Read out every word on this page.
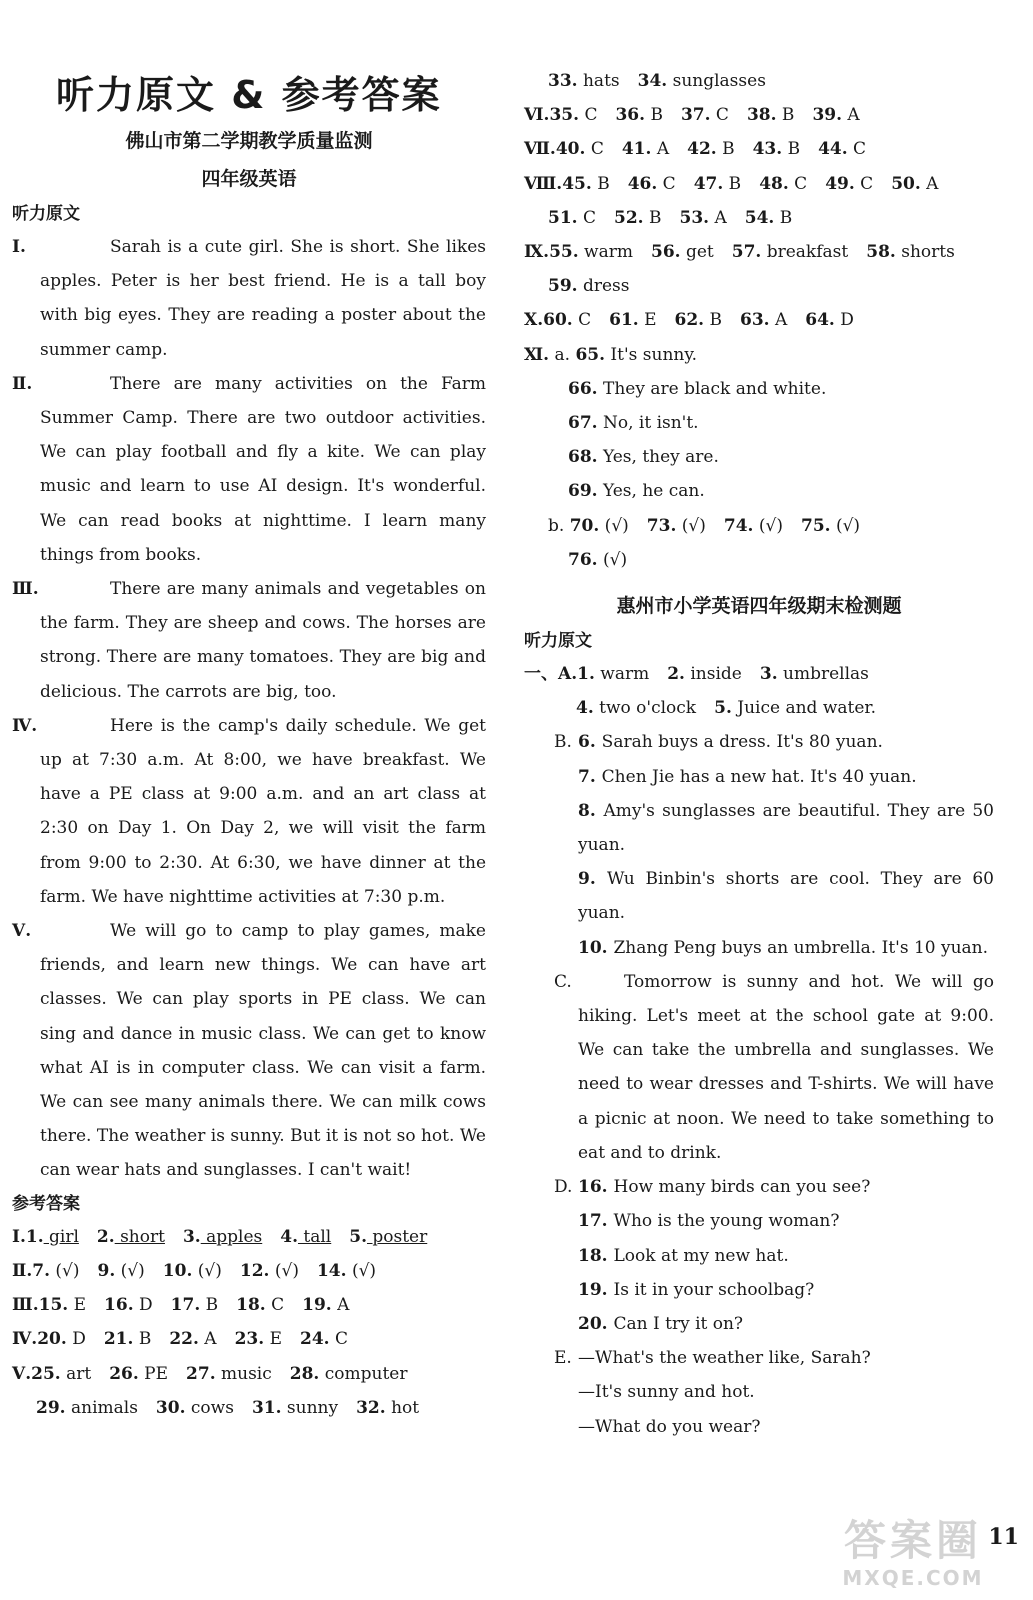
听力原文 & 参考答案
佛山市第二学期教学质量监测
四年级英语
听力原文
Ⅰ.	Sarah is a cute girl. She is short. She likes apples. Peter is her best friend. He is a tall boy with big eyes. They are reading a poster about the summer camp.
Ⅱ.	There are many activities on the Farm Summer Camp. There are two outdoor activities. We can play football and fly a kite. We can play music and learn to use AI design. It's wonderful. We can read books at nighttime. I learn many things from books.
Ⅲ.	There are many animals and vegetables on the farm. They are sheep and cows. The horses are strong. There are many tomatoes. They are big and delicious. The carrots are big, too.
Ⅳ.	Here is the camp's daily schedule. We get up at 7:30 a.m. At 8:00, we have breakfast. We have a PE class at 9:00 a.m. and an art class at 2:30 on Day 1. On Day 2, we will visit the farm from 9:00 to 2:30. At 6:30, we have dinner at the farm. We have nighttime activities at 7:30 p.m.
Ⅴ.	We will go to camp to play games, make friends, and learn new things. We can have art classes. We can play sports in PE class. We can sing and dance in music class. We can get to know what AI is in computer class. We can visit a farm. We can see many animals there. We can milk cows there. The weather is sunny. But it is not so hot. We can wear hats and sunglasses. I can't wait!
参考答案
Ⅰ.1. girl 2. short 3. apples 4. tall 5. poster
Ⅱ.7. (√) 9. (√) 10. (√) 12. (√) 14. (√)
Ⅲ.15. E 16. D 17. B 18. C 19. A
Ⅳ.20. D 21. B 22. A 23. E 24. C
Ⅴ.25. art 26. PE 27. music 28. computer
29. animals 30. cows 31. sunny 32. hot
33. hats 34. sunglasses
Ⅵ.35. C 36. B 37. C 38. B 39. A
Ⅶ.40. C 41. A 42. B 43. B 44. C
Ⅷ.45. B 46. C 47. B 48. C 49. C 50. A
51. C 52. B 53. A 54. B
Ⅸ.55. warm 56. get 57. breakfast 58. shorts
59. dress
Ⅹ.60. C 61. E 62. B 63. A 64. D
Ⅺ. a. 65. It's sunny.
66. They are black and white.
67. No, it isn't.
68. Yes, they are.
69. Yes, he can.
b. 70. (√) 73. (√) 74. (√) 75. (√)
76. (√)
惠州市小学英语四年级期末检测题
听力原文
一、A.1. warm 2. inside 3. umbrellas
4. two o'clock 5. Juice and water.
B. 6. Sarah buys a dress. It's 80 yuan.
7. Chen Jie has a new hat. It's 40 yuan.
8. Amy's sunglasses are beautiful. They are 50 yuan.
9. Wu Binbin's shorts are cool. They are 60 yuan.
10. Zhang Peng buys an umbrella. It's 10 yuan.
C.	Tomorrow is sunny and hot. We will go hiking. Let's meet at the school gate at 9:00. We can take the umbrella and sunglasses. We need to wear dresses and T-shirts. We will have a picnic at noon. We need to take something to eat and to drink.
D. 16. How many birds can you see?
17. Who is the young woman?
18. Look at my new hat.
19. Is it in your schoolbag?
20. Can I try it on?
E. —What's the weather like, Sarah?
—It's sunny and hot.
—What do you wear?
11
答案圈
MXQE.COM
